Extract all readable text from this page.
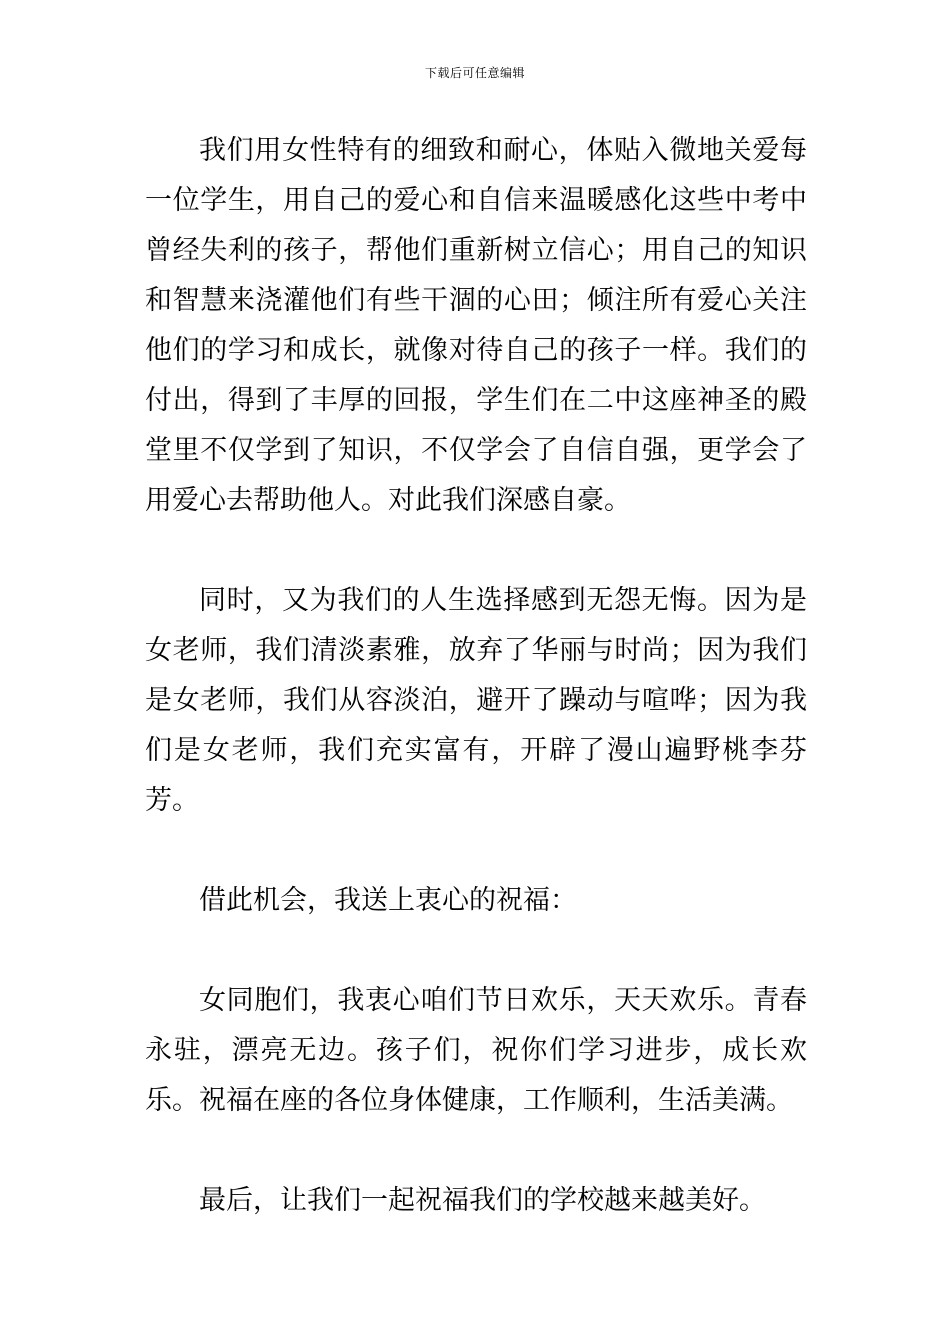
下载后可任意编辑

我们用女性特有的细致和耐心，体贴入微地关爱每一位学生，用自己的爱心和自信来温暖感化这些中考中曾经失利的孩子，帮他们重新树立信心；用自己的知识和智慧来浇灌他们有些干涸的心田；倾注所有爱心关注他们的学习和成长，就像对待自己的孩子一样。我们的付出，得到了丰厚的回报，学生们在二中这座神圣的殿堂里不仅学到了知识，不仅学会了自信自强，更学会了用爱心去帮助他人。对此我们深感自豪。

同时，又为我们的人生选择感到无怨无悔。因为是女老师，我们清淡素雅，放弃了华丽与时尚；因为我们是女老师，我们从容淡泊，避开了躁动与喧哗；因为我们是女老师，我们充实富有，开辟了漫山遍野桃李芬芳。

借此机会，我送上衷心的祝福：

女同胞们，我衷心咱们节日欢乐，天天欢乐。青春永驻，漂亮无边。孩子们，祝你们学习进步，成长欢乐。祝福在座的各位身体健康，工作顺利，生活美满。

最后，让我们一起祝福我们的学校越来越美好。
